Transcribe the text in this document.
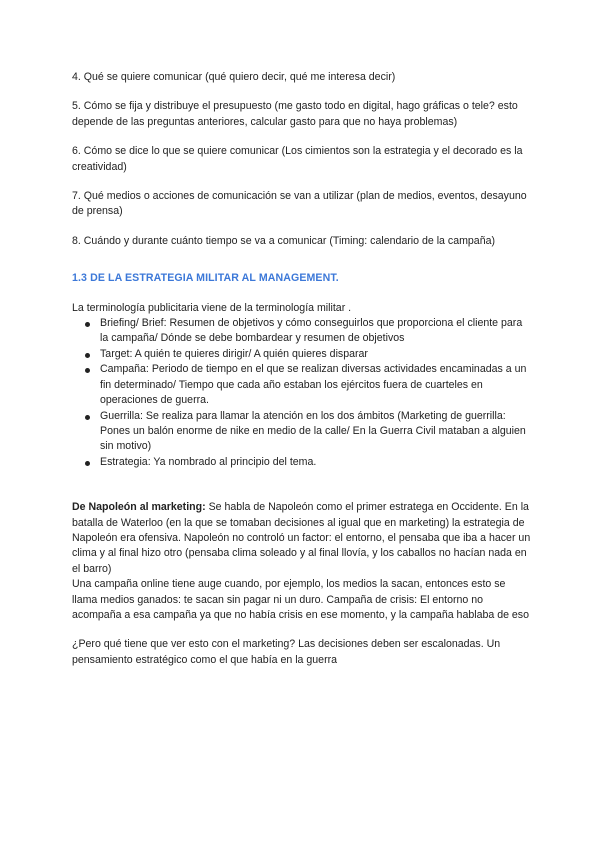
4. Qué se quiere comunicar (qué quiero decir, qué me interesa decir)

5. Cómo se fija y distribuye el presupuesto (me gasto todo en digital, hago gráficas o tele? esto depende de las preguntas anteriores, calcular gasto para que no haya problemas)

6. Cómo se dice lo que se quiere comunicar (Los cimientos son la estrategia y el decorado es la creatividad)

7. Qué medios o acciones de comunicación se van a utilizar (plan de medios, eventos, desayuno de prensa)

8. Cuándo y durante cuánto tiempo se va a comunicar (Timing: calendario de la campaña)

1.3 DE LA ESTRATEGIA MILITAR AL MANAGEMENT.

La terminología publicitaria viene de la terminología militar .

Briefing/ Brief: Resumen de objetivos y cómo conseguirlos que proporciona el cliente para la campaña/ Dónde se debe bombardear y resumen de objetivos
Target: A quién te quieres dirigir/ A quién quieres disparar
Campaña: Periodo de tiempo en el que se realizan diversas actividades encaminadas a un fin determinado/ Tiempo que cada año estaban los ejércitos fuera de cuarteles en operaciones de guerra.
Guerrilla: Se realiza para llamar la atención en los dos ámbitos (Marketing de guerrilla: Pones un balón enorme de nike en medio de la calle/ En la Guerra Civil mataban a alguien sin motivo)
Estrategia: Ya nombrado al principio del tema.

De Napoleón al marketing: Se habla de Napoleón como el primer estratega en Occidente. En la batalla de Waterloo (en la que se tomaban decisiones al igual que en marketing) la estrategia de Napoleón era ofensiva. Napoleón no controló un factor: el entorno, el pensaba que iba a hacer un clima y al final hizo otro (pensaba clima soleado y al final llovía, y los caballos no hacían nada en el barro)

Una campaña online tiene auge cuando, por ejemplo, los medios la sacan, entonces esto se llama medios ganados: te sacan sin pagar ni un duro. Campaña de crisis: El entorno no acompaña a esa campaña ya que no había crisis en ese momento, y la campaña hablaba de eso

¿Pero qué tiene que ver esto con el marketing? Las decisiones deben ser escalonadas. Un pensamiento estratégico como el que había en la guerra
